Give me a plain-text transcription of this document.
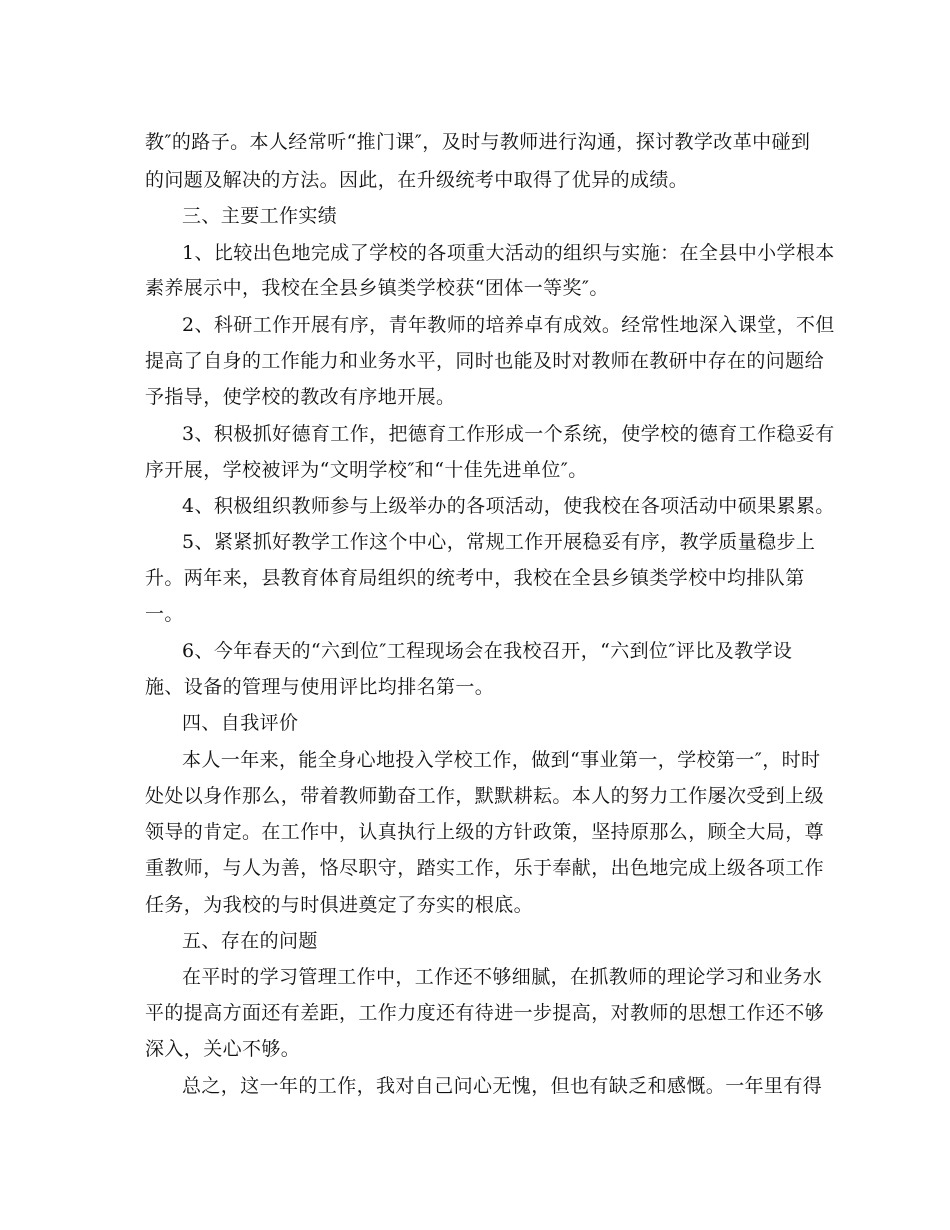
教″的路子。本人经常听“推门课″，及时与教师进行沟通，探讨教学改革中碰到
的问题及解决的方法。因此，在升级统考中取得了优异的成绩。
三、主要工作实绩
1、比较出色地完成了学校的各项重大活动的组织与实施：在全县中小学根本
素养展示中，我校在全县乡镇类学校获“团体一等奖″。
2、科研工作开展有序，青年教师的培养卓有成效。经常性地深入课堂，不但
提高了自身的工作能力和业务水平，同时也能及时对教师在教研中存在的问题给
予指导，使学校的教改有序地开展。
3、积极抓好德育工作，把德育工作形成一个系统，使学校的德育工作稳妥有
序开展，学校被评为“文明学校″和“十佳先进单位″。
4、积极组织教师参与上级举办的各项活动，使我校在各项活动中硕果累累。
5、紧紧抓好教学工作这个中心，常规工作开展稳妥有序，教学质量稳步上
升。两年来，县教育体育局组织的统考中，我校在全县乡镇类学校中均排队第
一。
6、今年春天的“六到位″工程现场会在我校召开，“六到位″评比及教学设
施、设备的管理与使用评比均排名第一。
四、自我评价
本人一年来，能全身心地投入学校工作，做到“事业第一，学校第一″，时时
处处以身作那么，带着教师勤奋工作，默默耕耘。本人的努力工作屡次受到上级
领导的肯定。在工作中，认真执行上级的方针政策，坚持原那么，顾全大局，尊
重教师，与人为善，恪尽职守，踏实工作，乐于奉献，出色地完成上级各项工作
任务，为我校的与时俱进奠定了夯实的根底。
五、存在的问题
在平时的学习管理工作中，工作还不够细腻，在抓教师的理论学习和业务水
平的提高方面还有差距，工作力度还有待进一步提高，对教师的思想工作还不够
深入，关心不够。
总之，这一年的工作，我对自己问心无愧，但也有缺乏和感慨。一年里有得
